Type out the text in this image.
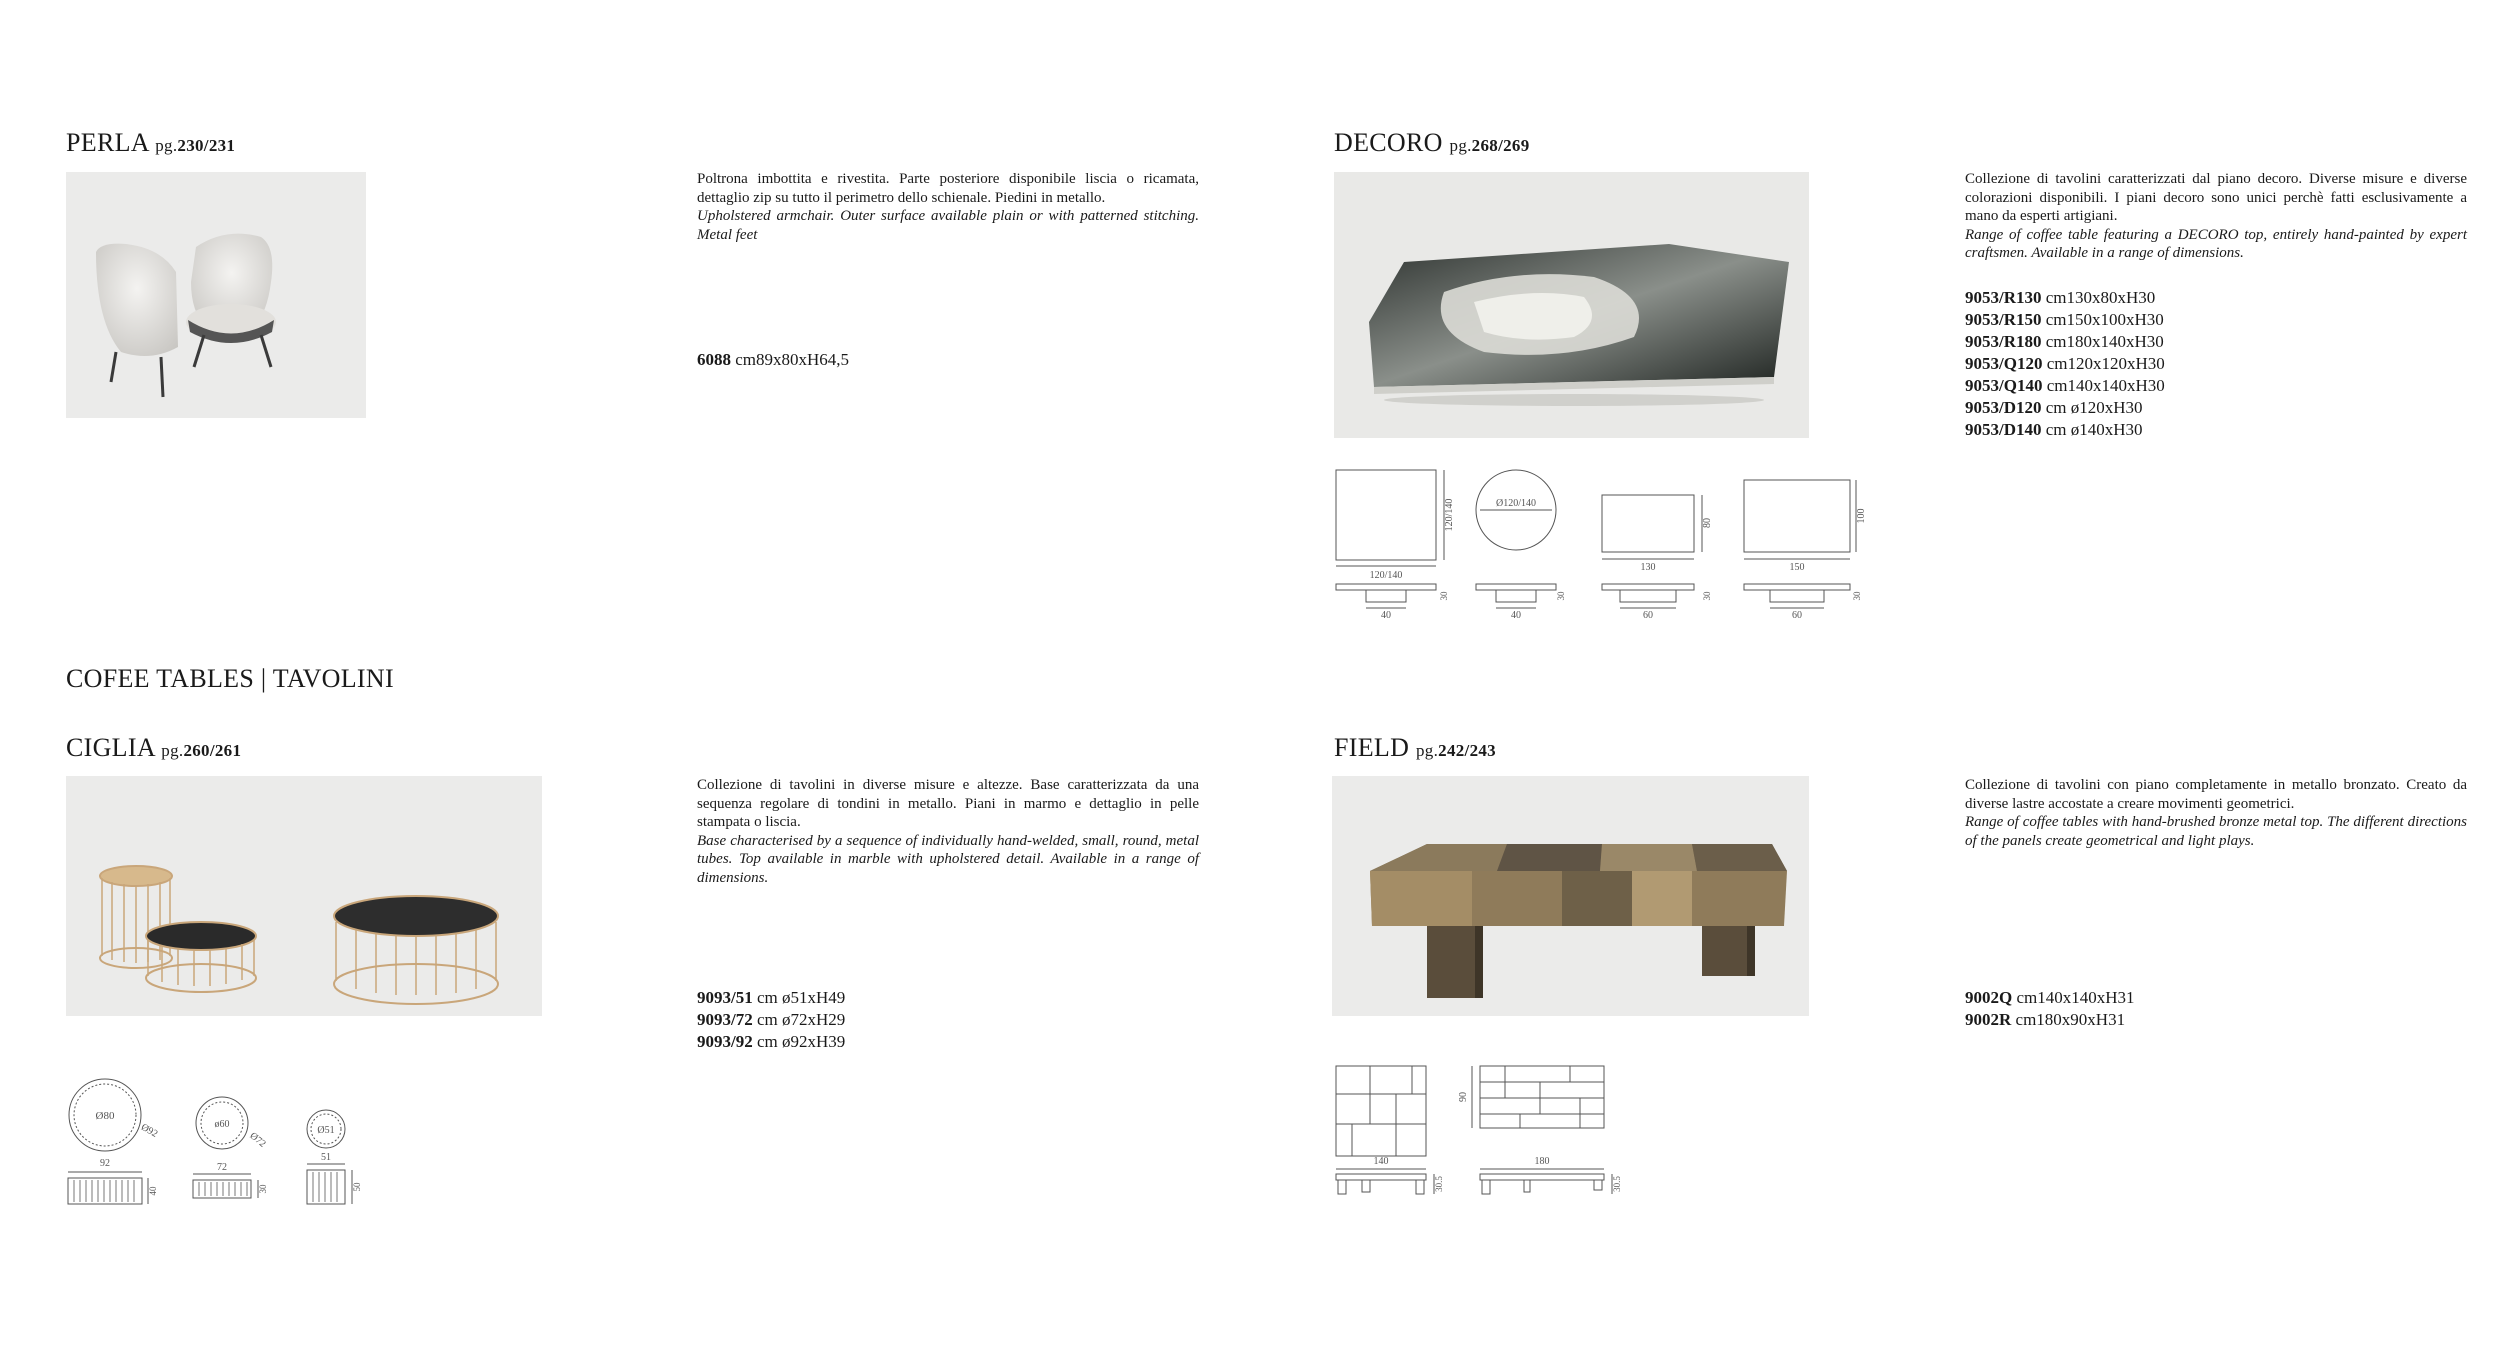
PERLA pg.230/231
Poltrona imbottita e rivestita. Parte posteriore disponibile liscia o ricamata, dettaglio zip su tutto il perimetro dello schienale. Piedini in metallo.
Upholstered armchair. Outer surface available plain or with patterned stitching. Metal feet
6088 cm89x80xH64,5
DECORO pg.268/269
Collezione di tavolini caratterizzati dal piano decoro. Diverse misure e diverse colorazioni disponibili. I piani decoro sono unici perchè fatti esclusivamente a mano da esperti artigiani.
Range of coffee table featuring a DECORO top, entirely hand-painted by expert craftsmen. Available in a range of dimensions.
9053/R130 cm130x80xH30
9053/R150 cm150x100xH30
9053/R180 cm180x140xH30
9053/Q120 cm120x120xH30
9053/Q140 cm140x140xH30
9053/D120 cm ø120xH30
9053/D140 cm ø140xH30
120/140
120/140	Ø120/140
130
80
150
100
40
30
40
30
60
30
60
30
COFEE TABLES | TAVOLINI
CIGLIA pg.260/261
Collezione di tavolini in diverse misure e altezze. Base caratterizzata da una sequenza regolare di tondini in metallo. Piani in marmo e dettaglio in pelle stampata o liscia.
Base characterised by a sequence of individually hand-welded, small, round, metal tubes. Top available in marble with upholstered detail. Available in a range of dimensions.
9093/51 cm ø51xH49
9093/72 cm ø72xH29
9093/92 cm ø92xH39
Ø80
Ø92
92
40
ø60
Ø72
72
30
Ø51
51
50
FIELD pg.242/243
Collezione di tavolini con piano completamente in metallo bronzato. Creato da diverse lastre accostate a creare movimenti geometrici.
Range of coffee tables with hand-brushed bronze metal top. The different directions of the panels create geometrical and light plays.
9002Q cm140x140xH31
9002R cm180x90xH31
140
90
180
30.5	30.5
